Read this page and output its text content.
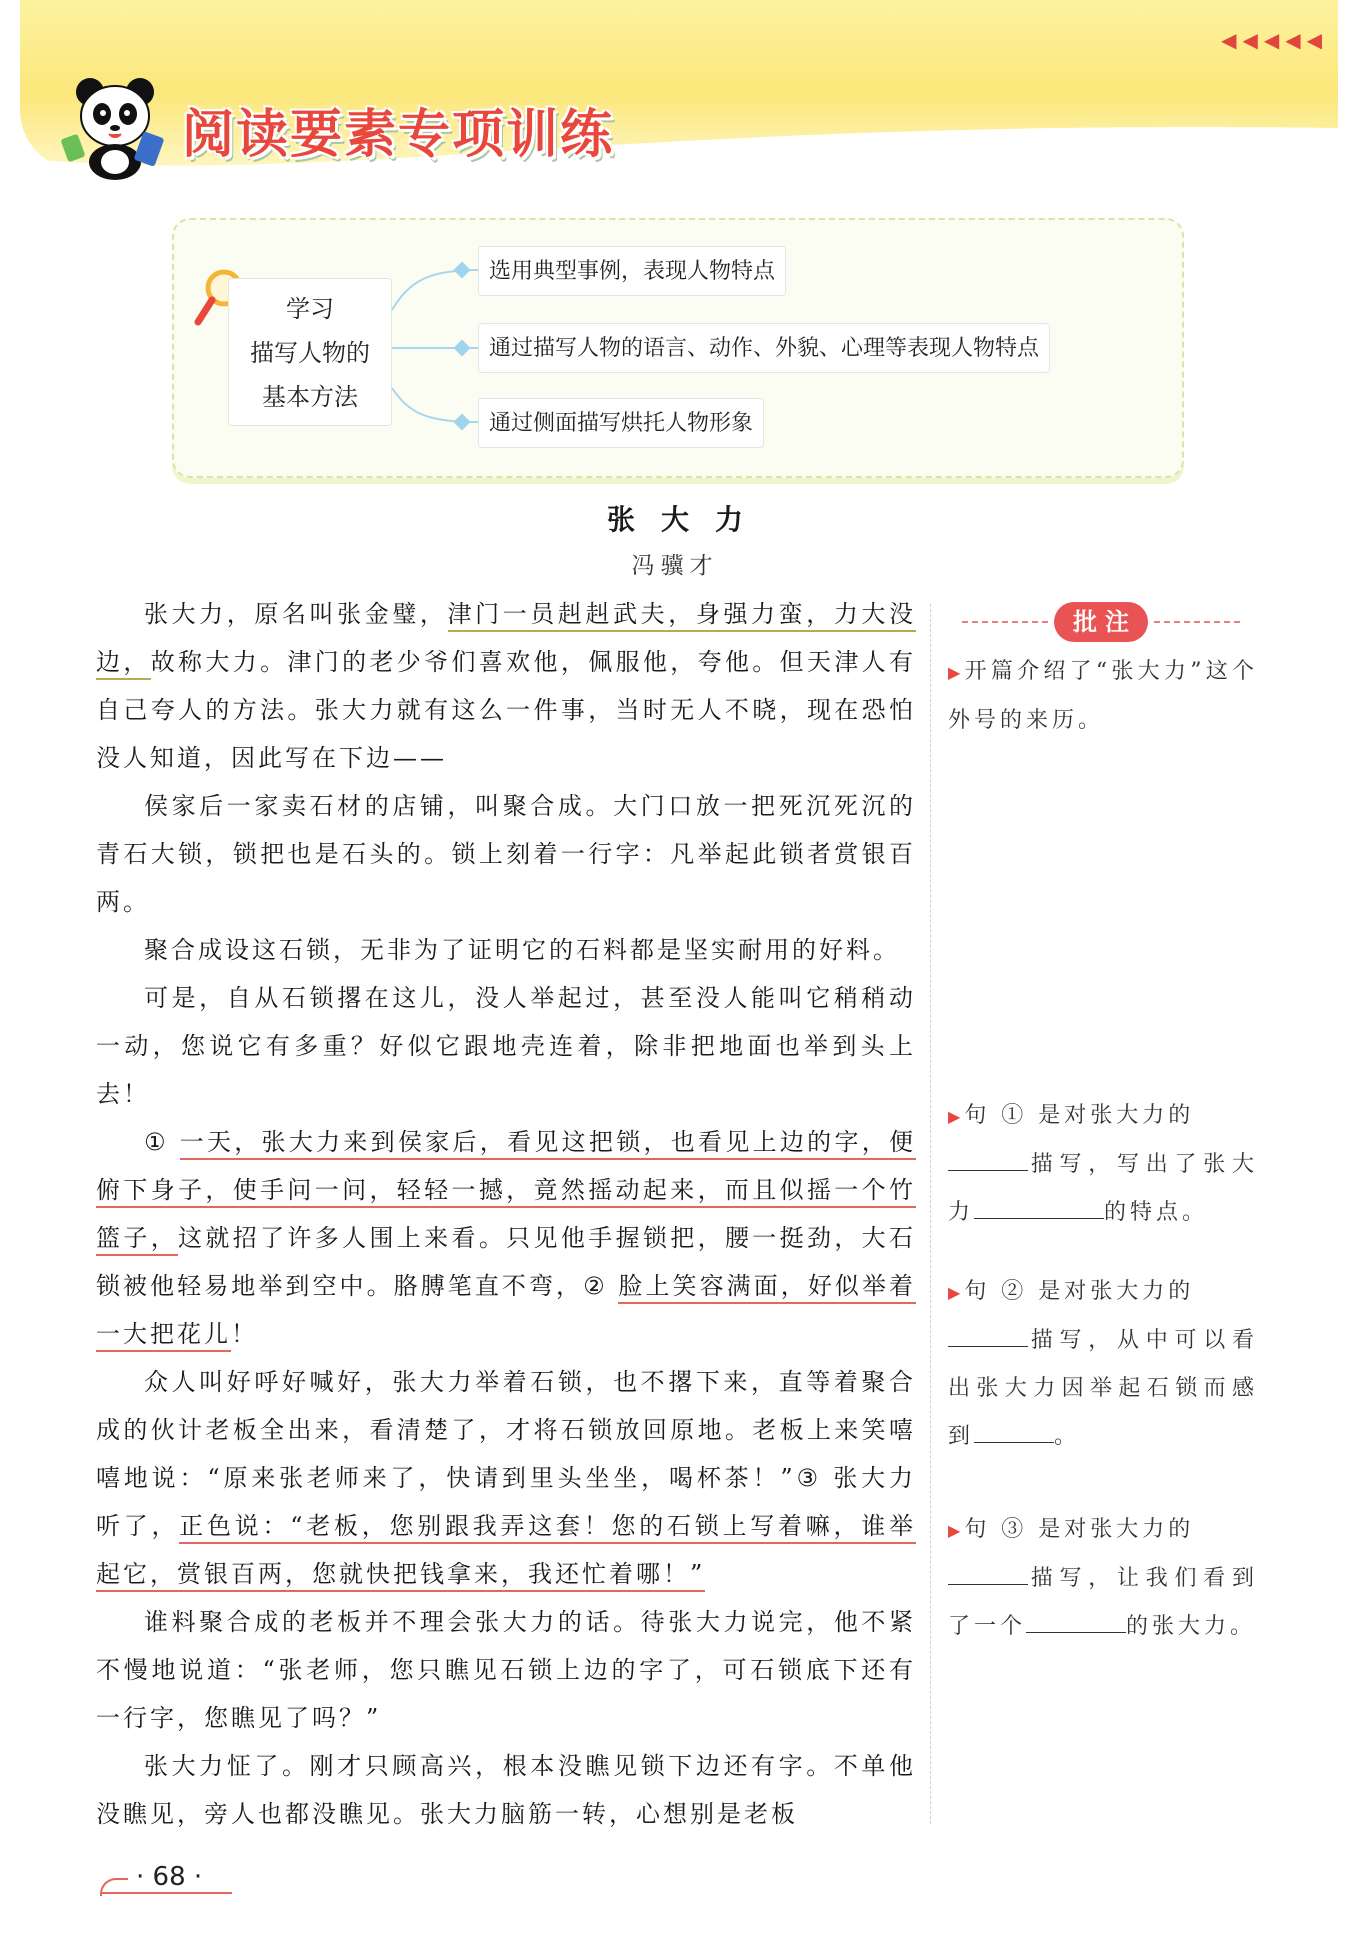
◀◀◀◀◀
阅读要素专项训练
学习
描写人物的
基本方法
选用典型事例，表现人物特点
通过描写人物的语言、动作、外貌、心理等表现人物特点
通过侧面描写烘托人物形象
张大力
冯骥才

张大力，原名叫张金璧，津门一员赳赳武夫，身强力蛮，力大没边，故称大力。津门的老少爷们喜欢他，佩服他，夸他。但天津人有自己夸人的方法。张大力就有这么一件事，当时无人不晓，现在恐怕没人知道，因此写在下边——

侯家后一家卖石材的店铺，叫聚合成。大门口放一把死沉死沉的青石大锁，锁把也是石头的。锁上刻着一行字：凡举起此锁者赏银百两。

聚合成设这石锁，无非为了证明它的石料都是坚实耐用的好料。

可是，自从石锁撂在这儿，没人举起过，甚至没人能叫它稍稍动一动，您说它有多重？好似它跟地壳连着，除非把地面也举到头上去！

① 一天，张大力来到侯家后，看见这把锁，也看见上边的字，便俯下身子，使手问一问，轻轻一撼，竟然摇动起来，而且似摇一个竹篮子，这就招了许多人围上来看。只见他手握锁把，腰一挺劲，大石锁被他轻易地举到空中。胳膊笔直不弯，② 脸上笑容满面，好似举着一大把花儿！

众人叫好呼好喊好，张大力举着石锁，也不撂下来，直等着聚合成的伙计老板全出来，看清楚了，才将石锁放回原地。老板上来笑嘻嘻地说：“原来张老师来了，快请到里头坐坐，喝杯茶！”③ 张大力听了，正色说：“老板，您别跟我弄这套！您的石锁上写着嘛，谁举起它，赏银百两，您就快把钱拿来，我还忙着哪！”

谁料聚合成的老板并不理会张大力的话。待张大力说完，他不紧不慢地说道：“张老师，您只瞧见石锁上边的字了，可石锁底下还有一行字，您瞧见了吗？”

张大力怔了。刚才只顾高兴，根本没瞧见锁下边还有字。不单他没瞧见，旁人也都没瞧见。张大力脑筋一转，心想别是老板

批注
▶开篇介绍了“张大力”这个外号的来历。
▶句 ① 是对张大力的
描写，写出了张大力	的特点。
▶句 ② 是对张大力的
描写，从中可以看出张大力因举起石锁而感到	。
▶句 ③ 是对张大力的
描写，让我们看到了一个	的张大力。
· 68 ·
